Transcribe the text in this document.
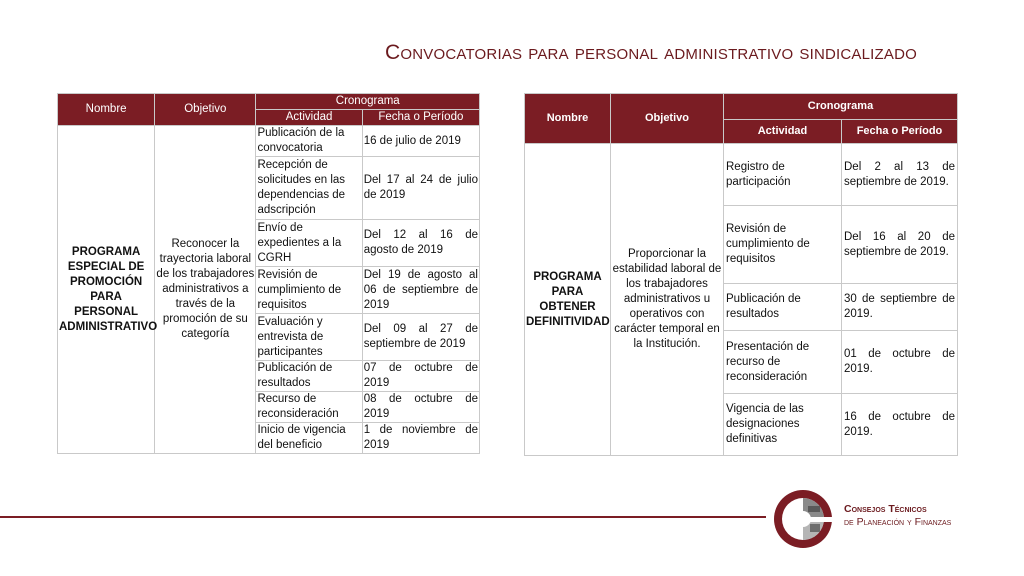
Convocatorias para personal administrativo sindicalizado
Nombre	Objetivo	Cronograma	
		Actividad	Fecha o Período
PROGRAMA ESPECIAL DE PROMOCIÓN PARA PERSONAL ADMINISTRATIVO	Reconocer la trayectoria laboral de los trabajadores administrativos a través de la promoción de su categoría	Publicación de la convocatoria	16 de julio de 2019
		Recepción de solicitudes en las dependencias de adscripción	Del 17 al 24 de julio de 2019
		Envío de expedientes a la CGRH	Del 12 al 16 de agosto de 2019
		Revisión de cumplimiento de requisitos	Del 19 de agosto al 06 de septiembre de 2019
		Evaluación y entrevista de participantes	Del 09 al 27 de septiembre de 2019
		Publicación de resultados	07 de octubre de 2019
		Recurso de reconsideración	08 de octubre de 2019
		Inicio de vigencia del beneficio	1 de noviembre de 2019
Nombre	Objetivo	Cronograma	
		Actividad	Fecha o Período
PROGRAMA PARA OBTENER DEFINITIVIDAD	Proporcionar la estabilidad laboral de los trabajadores administrativos u operativos con carácter temporal en la Institución.	Registro de participación	Del 2 al 13 de septiembre de 2019.
		Revisión de cumplimiento de requisitos	Del 16 al 20 de septiembre de 2019.
		Publicación de resultados	30 de septiembre de 2019.
		Presentación de recurso de reconsideración	01 de octubre de 2019.
		Vigencia de las designaciones definitivas	16 de octubre de 2019.
Consejos Técnicos
de Planeación y Finanzas
